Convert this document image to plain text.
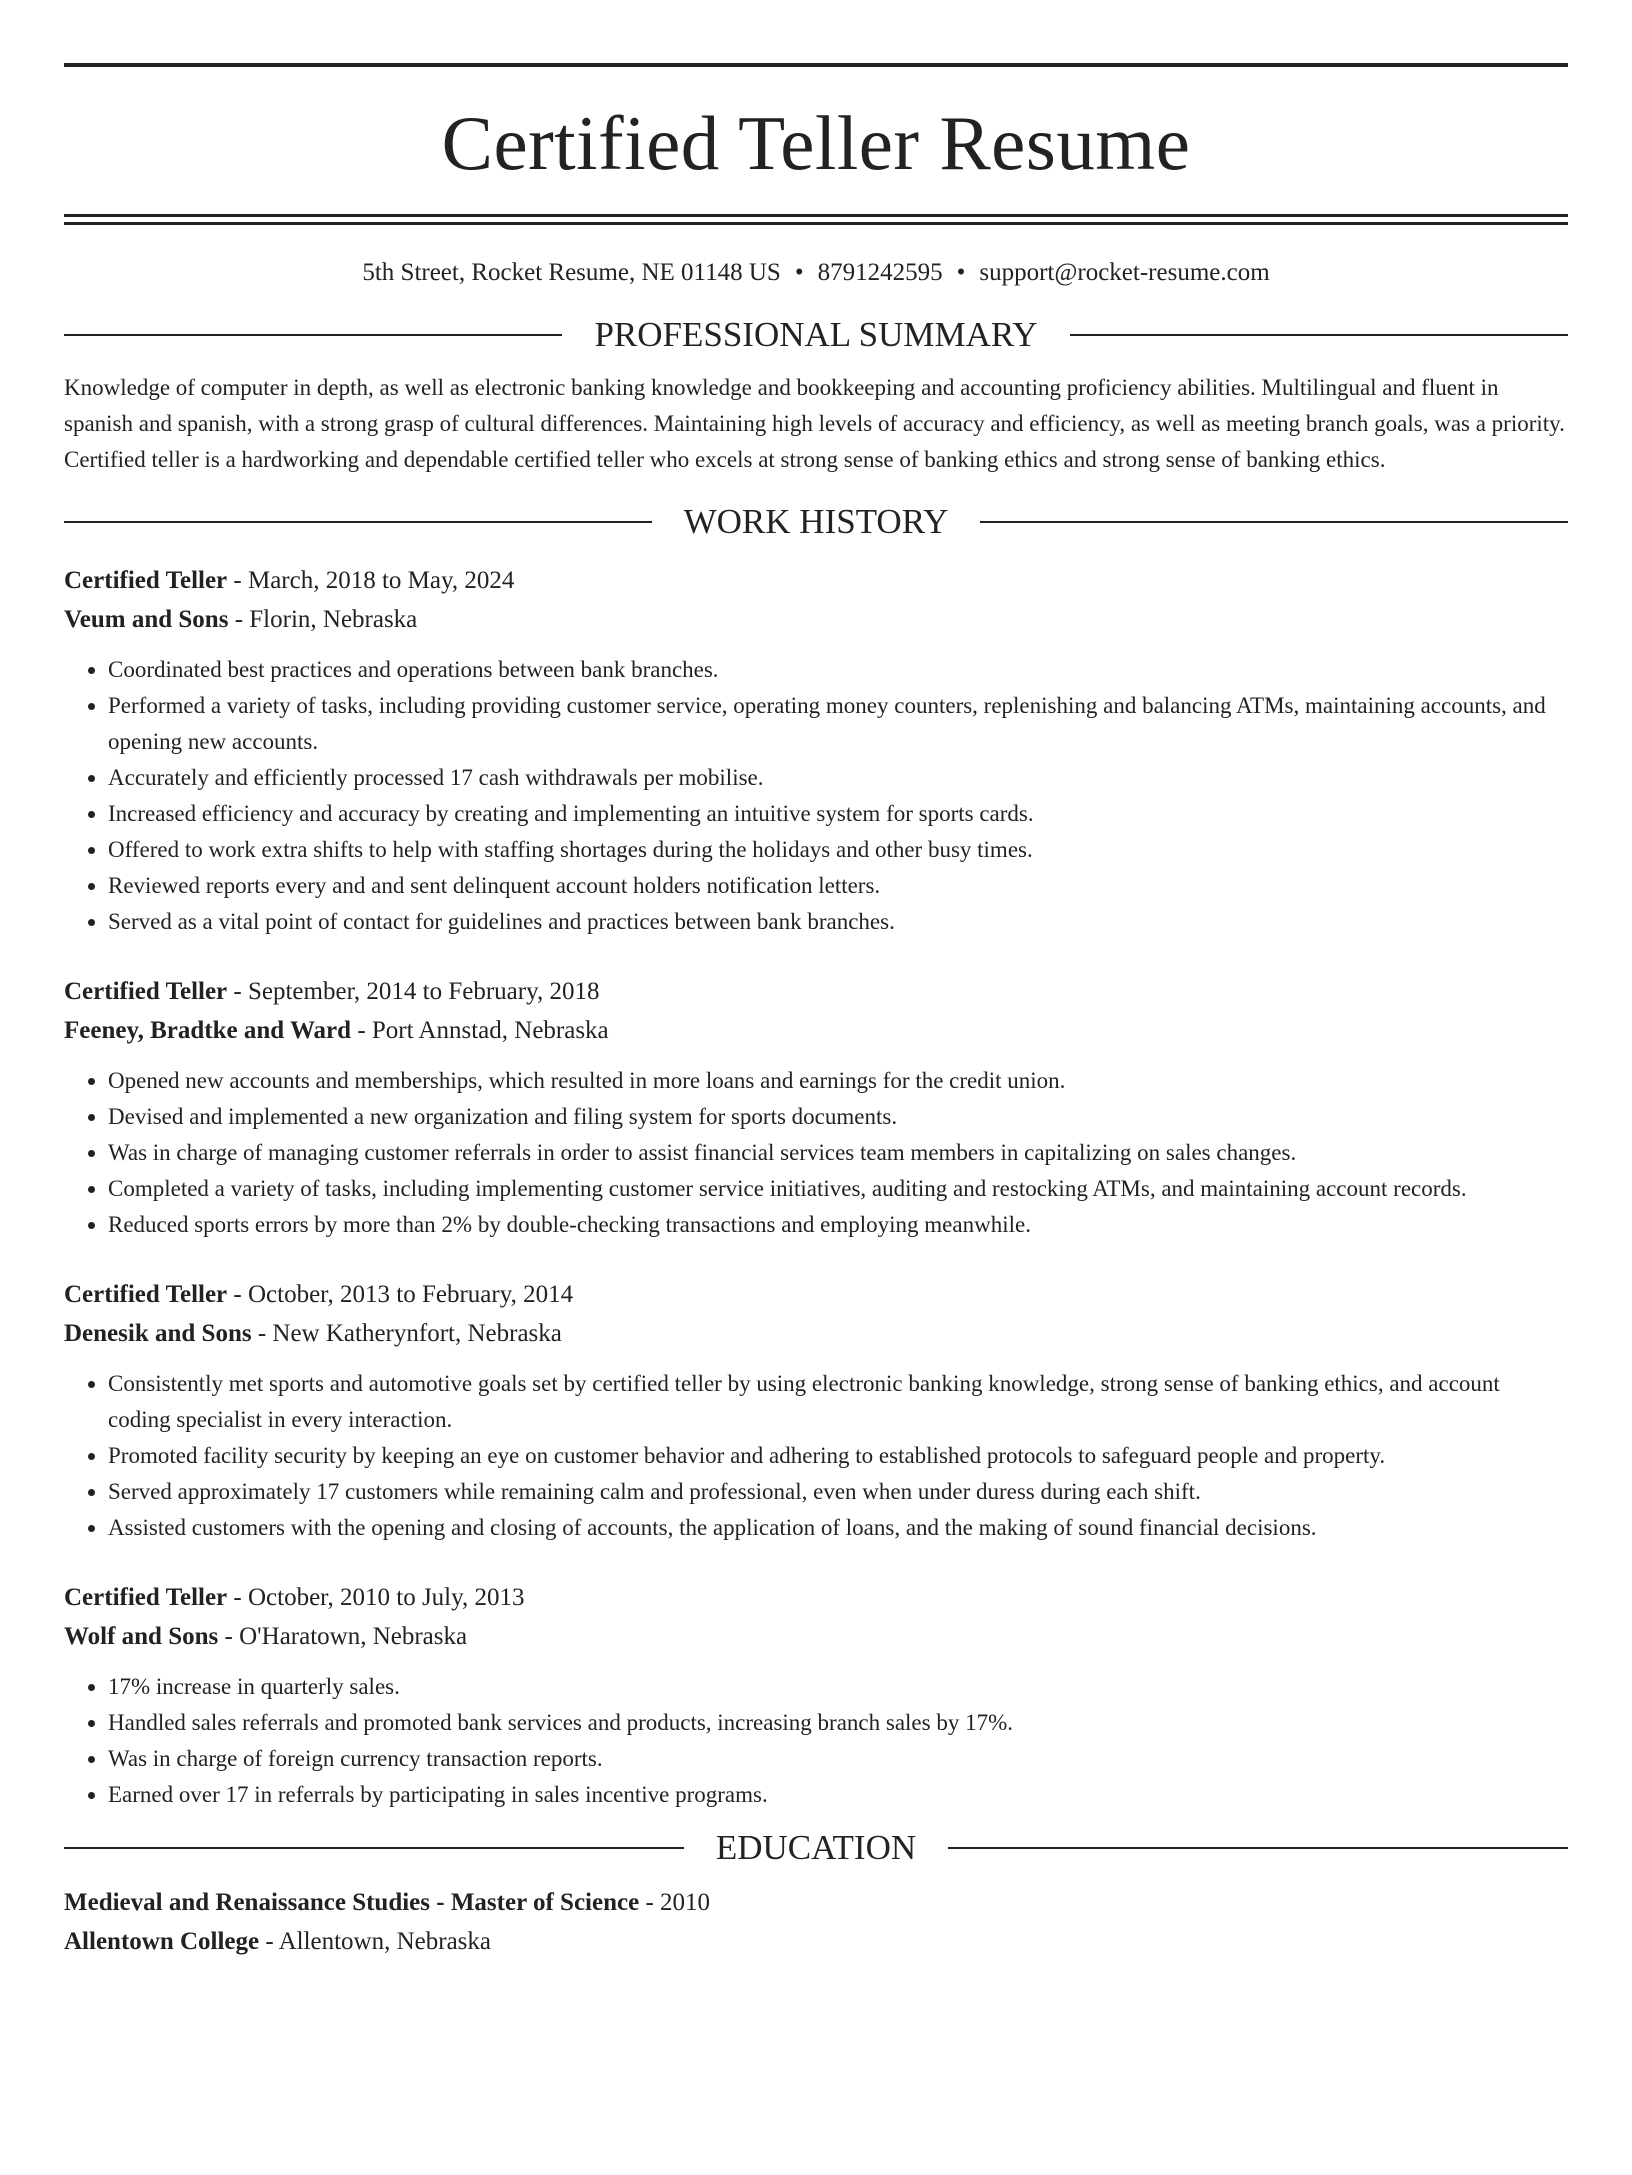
Certified Teller Resume
5th Street, Rocket Resume, NE 01148 US • 8791242595 • support@rocket-resume.com
PROFESSIONAL SUMMARY

Knowledge of computer in depth, as well as electronic banking knowledge and bookkeeping and accounting proficiency abilities. Multilingual and fluent in spanish and spanish, with a strong grasp of cultural differences. Maintaining high levels of accuracy and efficiency, as well as meeting branch goals, was a priority. Certified teller is a hardworking and dependable certified teller who excels at strong sense of banking ethics and strong sense of banking ethics.

WORK HISTORY

Certified Teller - March, 2018 to May, 2024

Veum and Sons - Florin, Nebraska

• Coordinated best practices and operations between bank branches.
• Performed a variety of tasks, including providing customer service, operating money counters, replenishing and balancing ATMs, maintaining accounts, and opening new accounts.
• Accurately and efficiently processed 17 cash withdrawals per mobilise.
• Increased efficiency and accuracy by creating and implementing an intuitive system for sports cards.
• Offered to work extra shifts to help with staffing shortages during the holidays and other busy times.
• Reviewed reports every and and sent delinquent account holders notification letters.
• Served as a vital point of contact for guidelines and practices between bank branches.

Certified Teller - September, 2014 to February, 2018

Feeney, Bradtke and Ward - Port Annstad, Nebraska

• Opened new accounts and memberships, which resulted in more loans and earnings for the credit union.
• Devised and implemented a new organization and filing system for sports documents.
• Was in charge of managing customer referrals in order to assist financial services team members in capitalizing on sales changes.
• Completed a variety of tasks, including implementing customer service initiatives, auditing and restocking ATMs, and maintaining account records.
• Reduced sports errors by more than 2% by double-checking transactions and employing meanwhile.

Certified Teller - October, 2013 to February, 2014

Denesik and Sons - New Katherynfort, Nebraska

• Consistently met sports and automotive goals set by certified teller by using electronic banking knowledge, strong sense of banking ethics, and account coding specialist in every interaction.
• Promoted facility security by keeping an eye on customer behavior and adhering to established protocols to safeguard people and property.
• Served approximately 17 customers while remaining calm and professional, even when under duress during each shift.
• Assisted customers with the opening and closing of accounts, the application of loans, and the making of sound financial decisions.

Certified Teller - October, 2010 to July, 2013

Wolf and Sons - O'Haratown, Nebraska

• 17% increase in quarterly sales.
• Handled sales referrals and promoted bank services and products, increasing branch sales by 17%.
• Was in charge of foreign currency transaction reports.
• Earned over 17 in referrals by participating in sales incentive programs.
EDUCATION

Medieval and Renaissance Studies - Master of Science - 2010

Allentown College - Allentown, Nebraska
